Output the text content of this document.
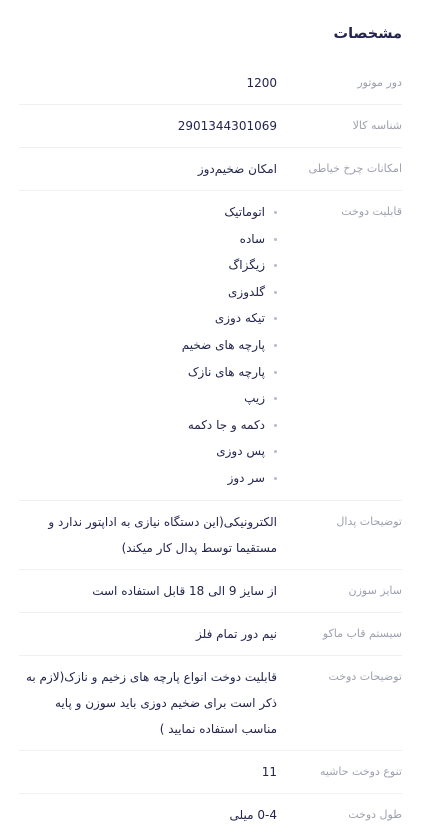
مشخصات
دور موتور
1200
شناسه کالا
2901344301069
امکانات چرخ خیاطی
امکان ضخیم‌دوز
قابلیت دوخت
اتوماتیک
ساده
زیگزاگ
گلدوزی
تیکه دوزی
پارچه های ضخیم
پارچه های نازک
زیپ
دکمه و جا دکمه
پس دوزی
سر دوز
توضیحات پدال
الکترونیکی(این دستگاه نیازی به اداپتور ندارد و مستقیما توسط پدال کار میکند)
سایز سوزن
از سایز 9 الی 18 قابل استفاده است
سیستم قاب ماکو
نیم دور تمام فلز
توضیحات دوخت
قابلیت دوخت انواع پارچه های زخیم و نازک(لازم به ذکر است برای ضخیم دوزی باید سوزن و پایه مناسب استفاده نمایید )
تنوع دوخت حاشیه
11
طول دوخت
0-4 میلی
